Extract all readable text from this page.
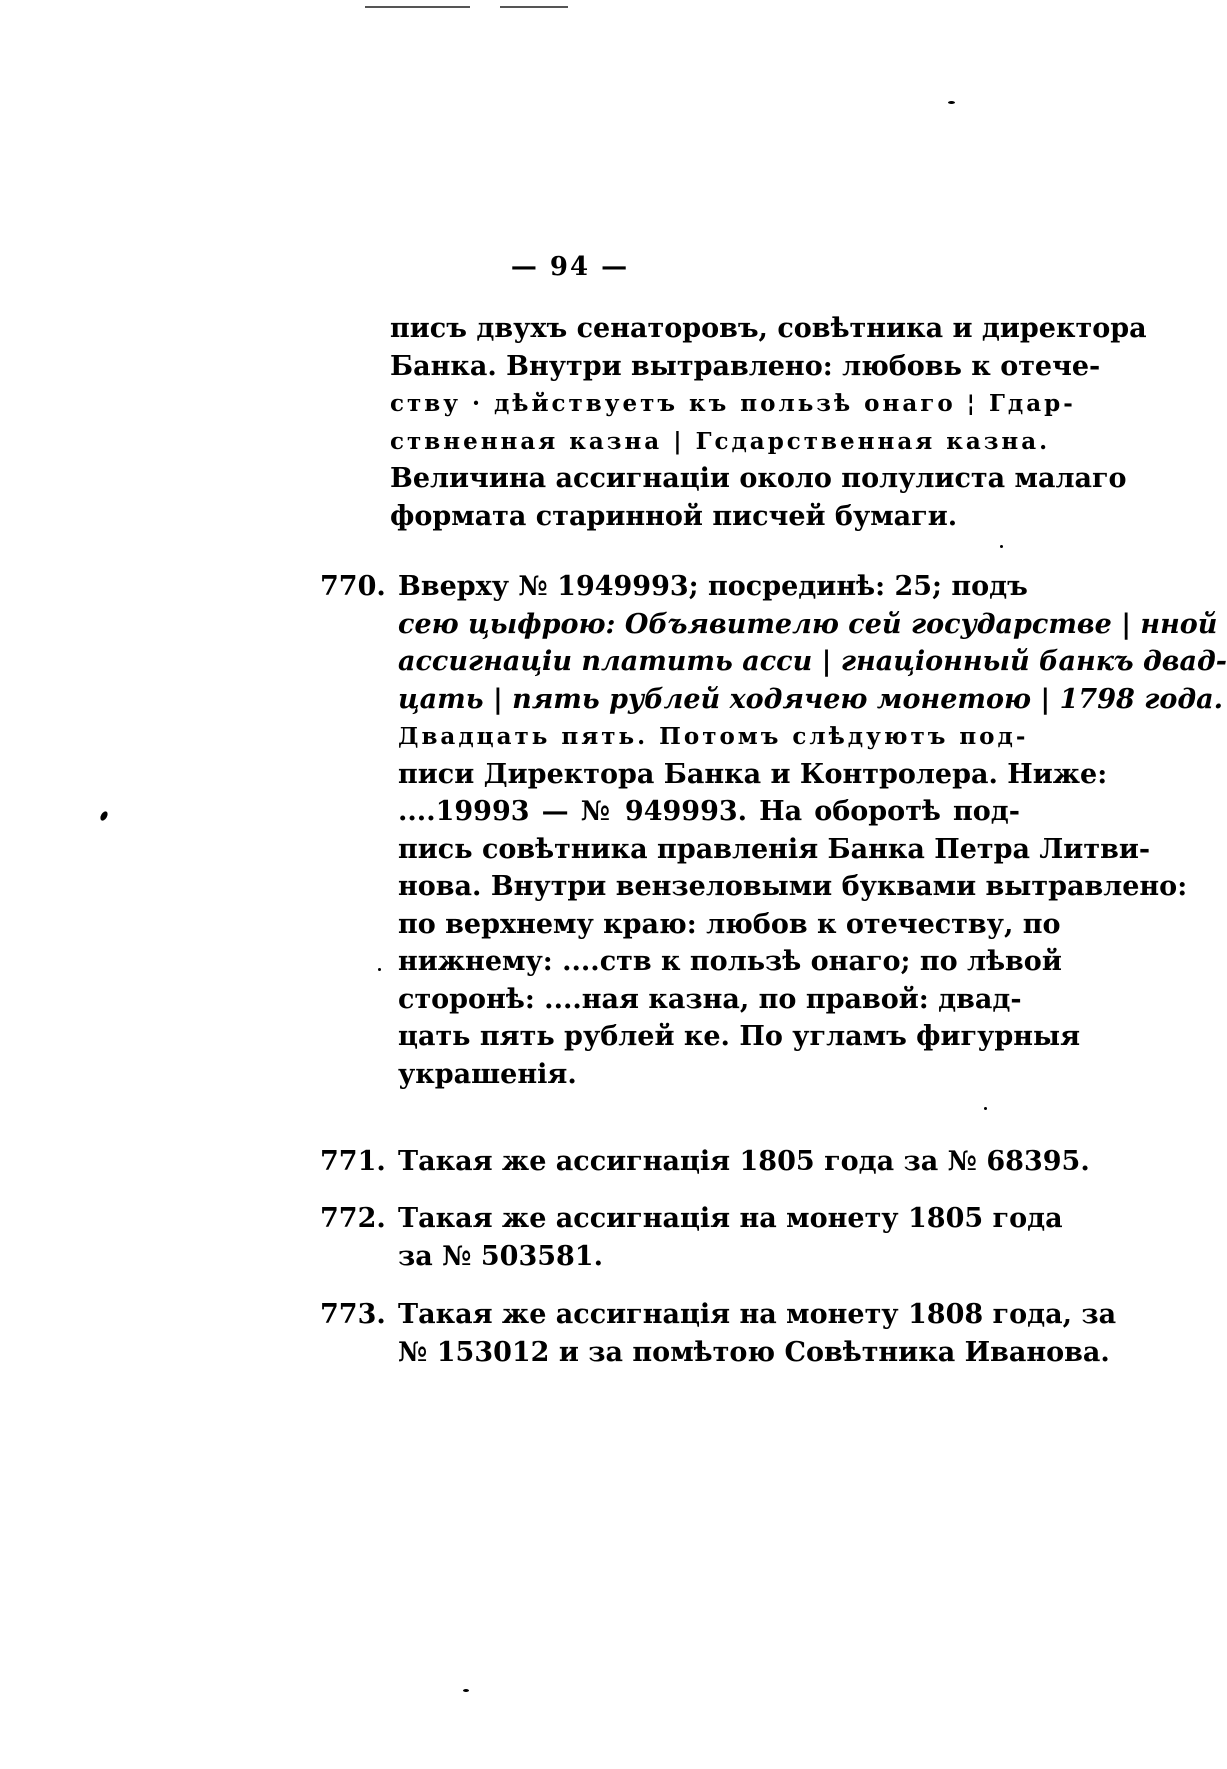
— 94 —
писъ двухъ сенаторовъ, совѣтника и директора
Банка. Внутри вытравлено: любовь к отече-
ству · дѣйствуетъ къ пользѣ онаго ¦ Гдар-
ствненная казна | Гсдарственная казна.
Величина ассигнаціи около полулиста малаго
формата старинной писчей бумаги.
770. Вверху № 1949993; посрединѣ: 25; подъ
сею цыфрою: Объявителю сей государстве | нной
ассигнаціи платить асси | гнаціонный банкъ двад-
цать | пять рублей ходячею монетою | 1798 года.
Двадцать пять. Потомъ слѣдуютъ под-
писи Директора Банка и Контролера. Ниже:
....19993 — № 949993. На оборотѣ под-
пись совѣтника правленія Банка Петра Литви-
нова. Внутри вензеловыми буквами вытравлено:
по верхнему краю: любов к отечеству, по
нижнему: ....ств к пользѣ онаго; по лѣвой
сторонѣ: ....ная казна, по правой: двад-
цать пять рублей ке. По угламъ фигурныя
украшенія.
771. Такая же ассигнація 1805 года за № 68395.
772. Такая же ассигнація на монету 1805 года
за № 503581.
773. Такая же ассигнація на монету 1808 года, за
№ 153012 и за помѣтою Совѣтника Иванова.
